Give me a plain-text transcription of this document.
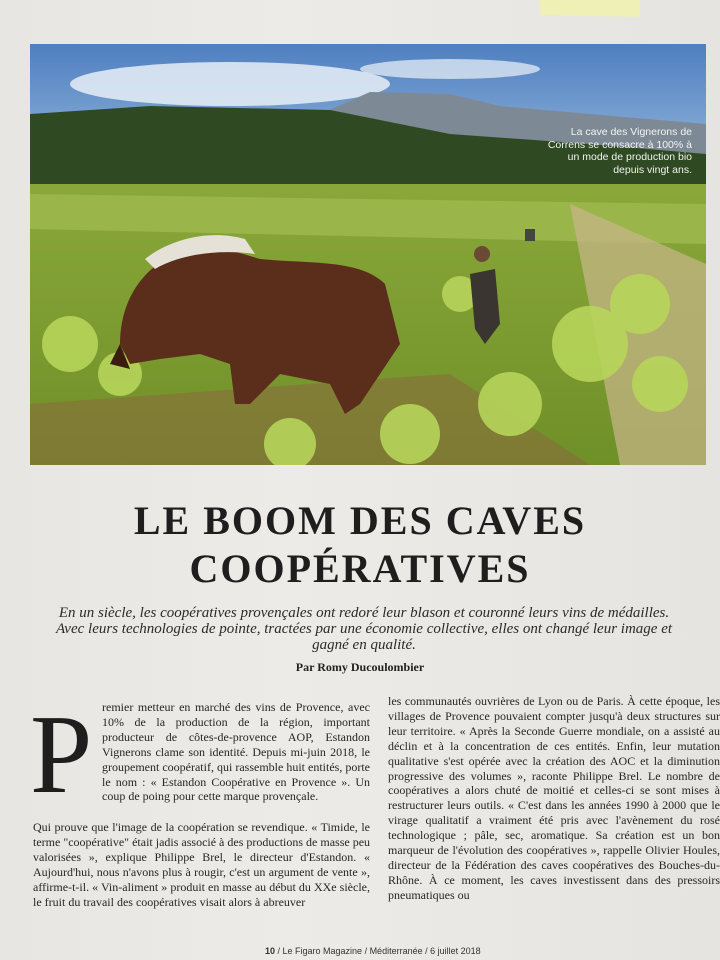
La cave des Vignerons de Correns se consacre à 100% à un mode de production bio depuis vingt ans.
LE BOOM DES CAVES
COOPÉRATIVES
En un siècle, les coopératives provençales ont redoré leur blason et couronné leurs vins de médailles. Avec leurs technologies de pointe, tractées par une économie collective, elles ont changé leur image et gagné en qualité.
Par Romy Ducoulombier
P remier metteur en marché des vins de Provence, avec 10% de la production de la région, important producteur de côtes-de-provence AOP, Estandon Vignerons clame son identité. Depuis mi-juin 2018, le groupement coopératif, qui rassemble huit entités, porte le nom : « Estandon Coopérative en Provence ». Un coup de poing pour cette marque provençale.
Qui prouve que l'image de la coopération se revendique. « Timide, le terme "coopérative" était jadis associé à des productions de masse peu valorisées », explique Philippe Brel, le directeur d'Estandon. « Aujourd'hui, nous n'avons plus à rougir, c'est un argument de vente », affirme-t-il. « Vin-aliment » produit en masse au début du XXe siècle, le fruit du travail des coopératives visait alors à abreuver
les communautés ouvrières de Lyon ou de Paris. À cette époque, les villages de Provence pouvaient compter jusqu'à deux structures sur leur territoire. « Après la Seconde Guerre mondiale, on a assisté au déclin et à la concentration de ces entités. Enfin, leur mutation qualitative s'est opérée avec la création des AOC et la diminution progressive des volumes », raconte Philippe Brel. Le nombre de coopératives a alors chuté de moitié et celles-ci se sont mises à restructurer leurs outils. « C'est dans les années 1990 à 2000 que le virage qualitatif a vraiment été pris avec l'avènement du rosé technologique ; pâle, sec, aromatique. Sa création est un bon marqueur de l'évolution des coopératives », rappelle Olivier Houles, directeur de la Fédération des caves coopératives des Bouches-du-Rhône. À ce moment, les caves investissent dans des pressoirs pneumatiques ou
10 / Le Figaro Magazine / Méditerranée / 6 juillet 2018
